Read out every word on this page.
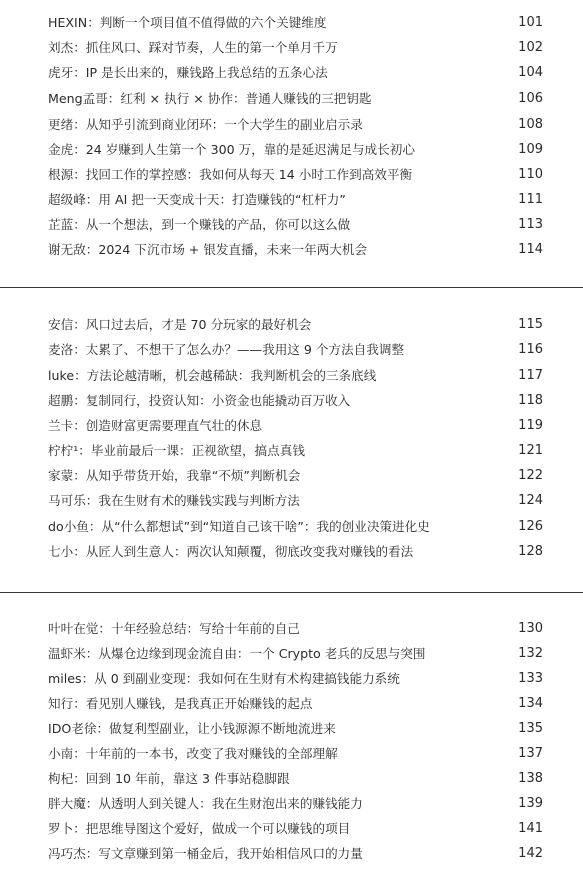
HEXIN：判断一个项目值不值得做的六个关键维度	101
刘杰：抓住风口、踩对节奏，人生的第一个单月千万	102
虎牙：IP 是长出来的，赚钱路上我总结的五条心法	104
Meng孟哥：红利 × 执行 × 协作：普通人赚钱的三把钥匙	106
更绪：从知乎引流到商业闭环：一个大学生的副业启示录	108
金虎：24 岁赚到人生第一个 300 万，靠的是延迟满足与成长初心	109
根源：找回工作的掌控感：我如何从每天 14 小时工作到高效平衡	110
超级峰：用 AI 把一天变成十天：打造赚钱的“杠杆力”	111
芷蓝：从一个想法，到一个赚钱的产品，你可以这么做	113
谢无敌：2024 下沉市场 + 银发直播，未来一年两大机会	114
安信：风口过去后，才是 70 分玩家的最好机会	115
麦洛：太累了、不想干了怎么办？——我用这 9 个方法自我调整	116
luke：方法论越清晰，机会越稀缺：我判断机会的三条底线	117
超鹏：复制同行，投资认知：小资金也能撬动百万收入	118
兰卡：创造财富更需要理直气壮的休息	119
柠柠¹：毕业前最后一课：正视欲望，搞点真钱	121
家蒙：从知乎带货开始，我靠“不烦”判断机会	122
马可乐：我在生财有术的赚钱实践与判断方法	124
do小鱼：从“什么都想试”到“知道自己该干啥”：我的创业决策进化史	126
七小：从匠人到生意人：两次认知颠覆，彻底改变我对赚钱的看法	128
叶叶在觉：十年经验总结：写给十年前的自己	130
温虾米：从爆仓边缘到现金流自由：一个 Crypto 老兵的反思与突围	132
miles：从 0 到副业变现：我如何在生财有术构建搞钱能力系统	133
知行：看见别人赚钱，是我真正开始赚钱的起点	134
IDO老徐：做复利型副业，让小钱源源不断地流进来	135
小南：十年前的一本书，改变了我对赚钱的全部理解	137
枸杞：回到 10 年前，靠这 3 件事站稳脚跟	138
胖大魔：从透明人到关键人：我在生财泡出来的赚钱能力	139
罗卜：把思维导图这个爱好，做成一个可以赚钱的项目	141
冯巧杰：写文章赚到第一桶金后，我开始相信风口的力量	142
